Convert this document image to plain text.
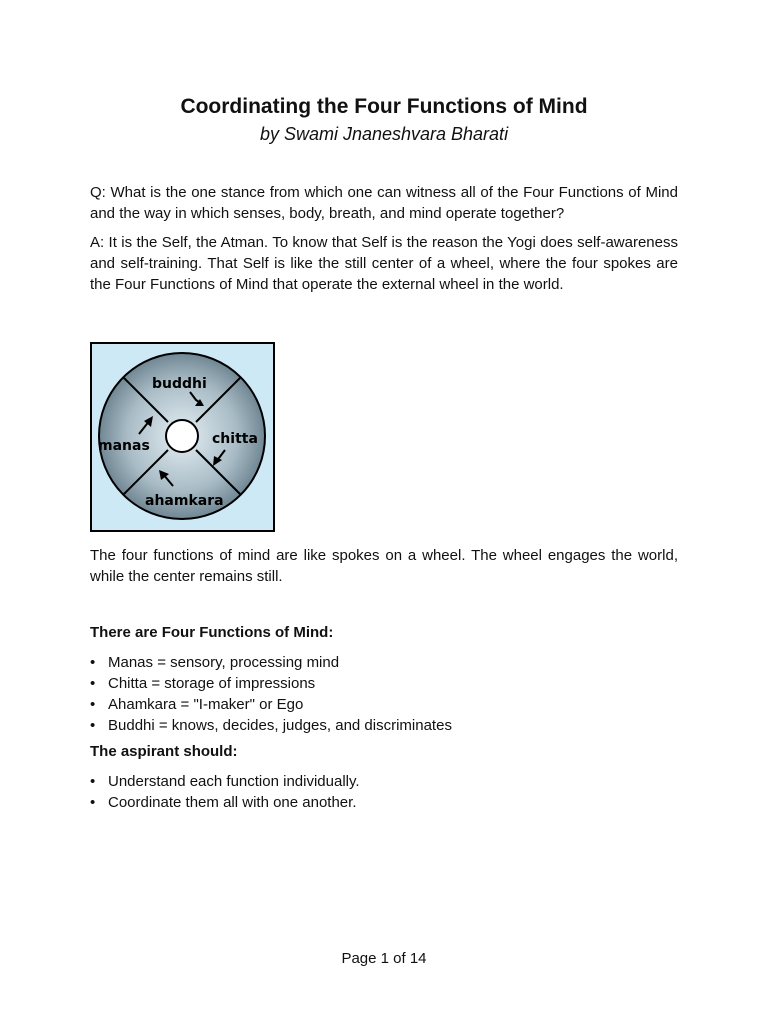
Coordinating the Four Functions of Mind
by Swami Jnaneshvara Bharati

Q: What is the one stance from which one can witness all of the Four Functions of Mind and the way in which senses, body, breath, and mind operate together?

A: It is the Self, the Atman. To know that Self is the reason the Yogi does self-awareness and self-training. That Self is like the still center of a wheel, where the four spokes are the Four Functions of Mind that operate the external wheel in the world.

buddhi
chitta
manas
ahamkara

The four functions of mind are like spokes on a wheel. The wheel engages the world, while the center remains still.

There are Four Functions of Mind:

• Manas = sensory, processing mind
• Chitta = storage of impressions
• Ahamkara = "I-maker" or Ego
• Buddhi = knows, decides, judges, and discriminates

The aspirant should:

• Understand each function individually.
• Coordinate them all with one another.
Page 1 of 14
